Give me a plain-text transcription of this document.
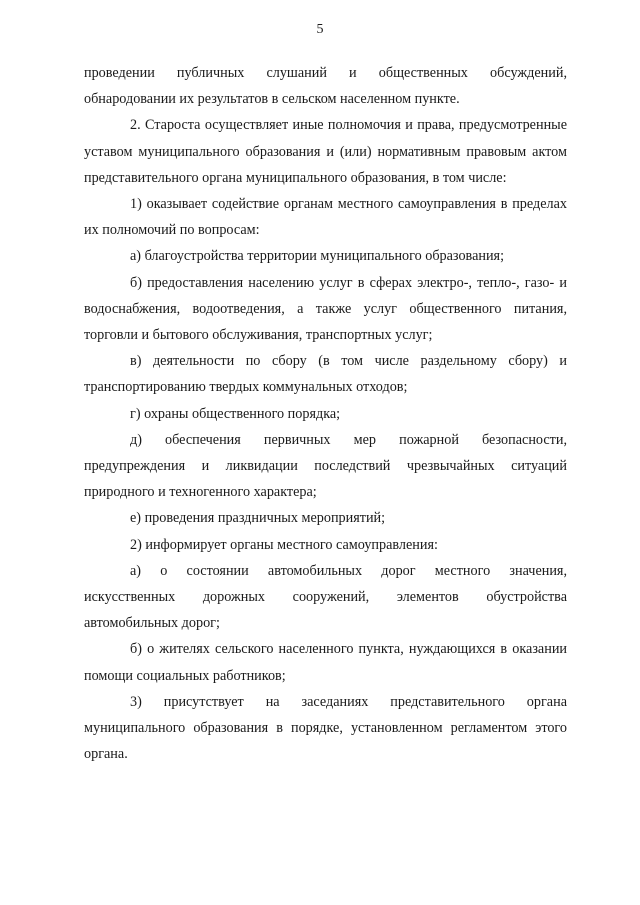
5

проведении публичных слушаний и общественных обсуждений, обнародовании их результатов в сельском населенном пункте.

2. Староста осуществляет иные полномочия и права, предусмотренные уставом муниципального образования и (или) нормативным правовым актом представительного органа муниципального образования, в том числе:

1) оказывает содействие органам местного самоуправления в пределах их полномочий по вопросам:

а) благоустройства территории муниципального образования;

б) предоставления населению услуг в сферах электро-, тепло-, газо- и водоснабжения, водоотведения, а также услуг общественного питания, торговли и бытового обслуживания, транспортных услуг;

в) деятельности по сбору (в том числе раздельному сбору) и транспортированию твердых коммунальных отходов;

г) охраны общественного порядка;

д) обеспечения первичных мер пожарной безопасности, предупреждения и ликвидации последствий чрезвычайных ситуаций природного и техногенного характера;

е) проведения праздничных мероприятий;

2) информирует органы местного самоуправления:

а) о состоянии автомобильных дорог местного значения, искусственных дорожных сооружений, элементов обустройства автомобильных дорог;

б) о жителях сельского населенного пункта, нуждающихся в оказании помощи социальных работников;

3) присутствует на заседаниях представительного органа муниципального образования в порядке, установленном регламентом этого органа.
